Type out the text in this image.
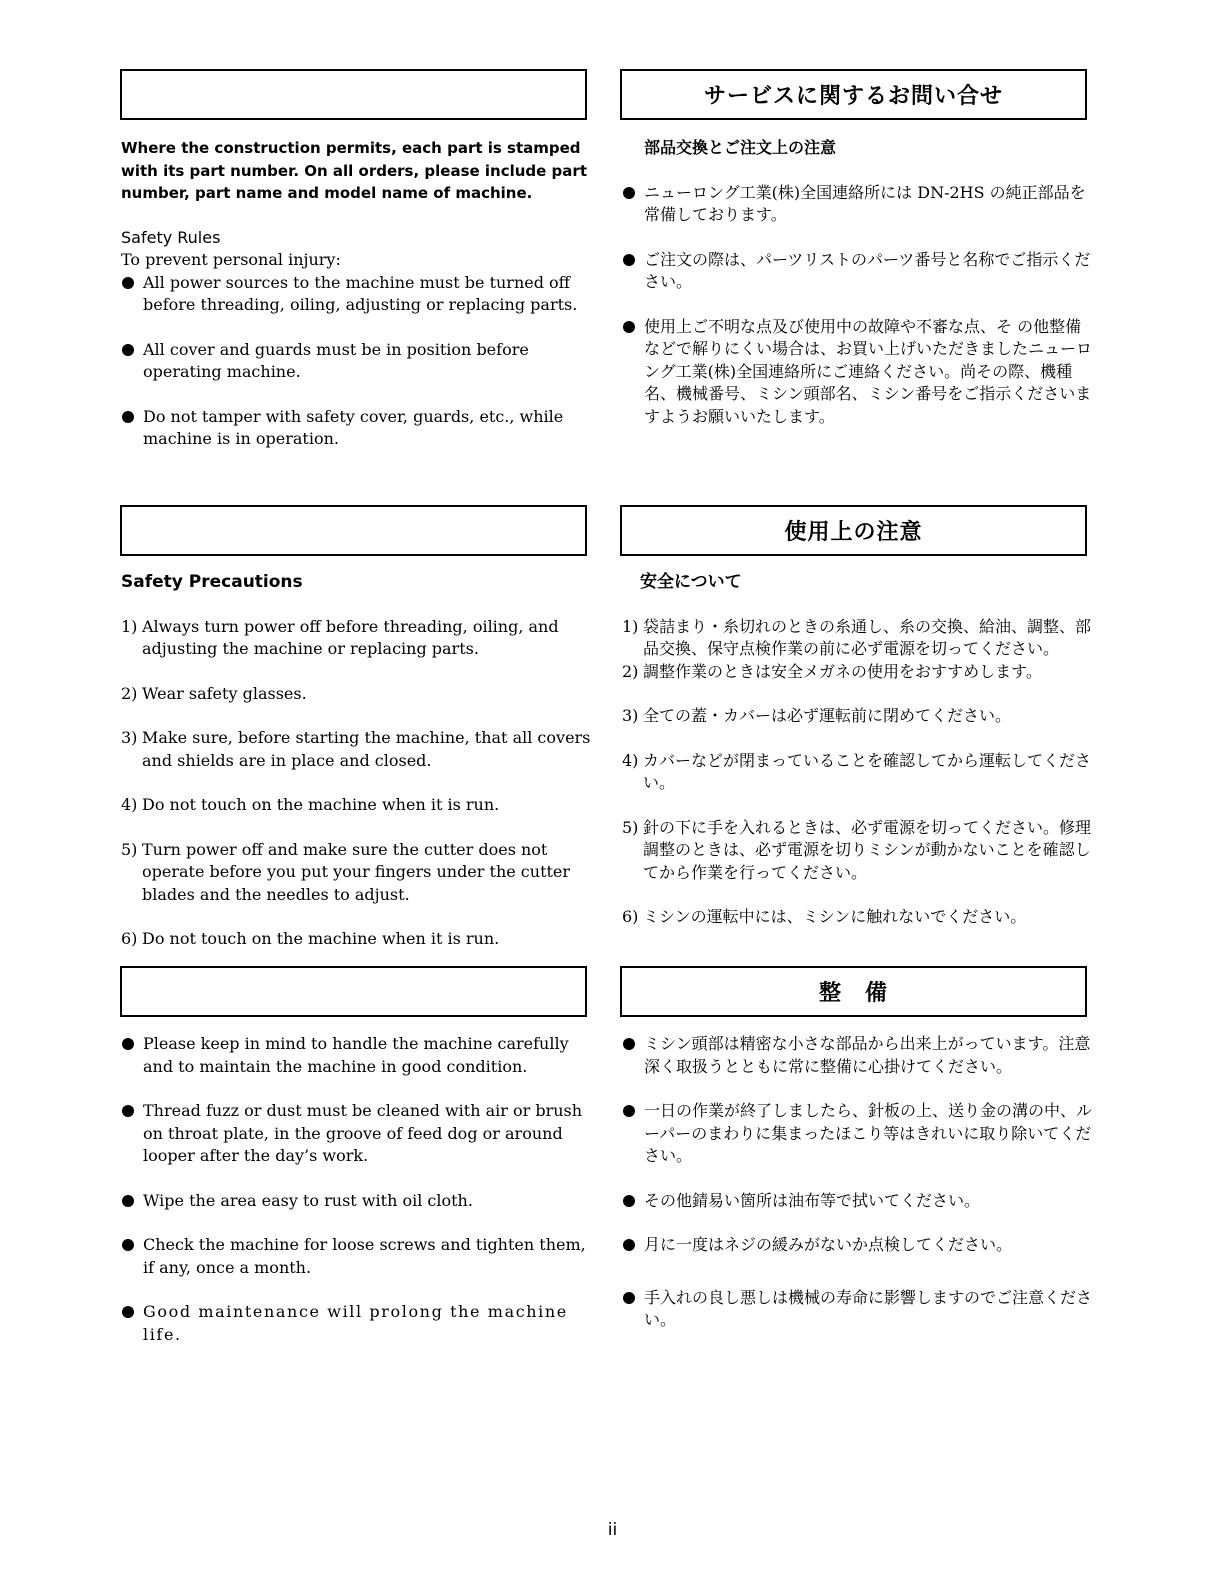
サービスに関するお問い合せ

Where the construction permits, each part is stamped with its part number. On all orders, please include part number, part name and model name of machine.

Safety Rules

To prevent personal injury:

All power sources to the machine must be turned off before threading, oiling, adjusting or replacing parts.
All cover and guards must be in position before operating machine.
Do not tamper with safety cover, guards, etc., while machine is in operation.

部品交換とご注文上の注意

ニューロング工業(株)全国連絡所には DN-2HS の純正部品を常備しております。
ご注文の際は、パーツリストのパーツ番号と名称でご指示ください。
使用上ご不明な点及び使用中の故障や不審な点、そ の他整備などで解りにくい場合は、お買い上げいただきましたニューロング工業(株)全国連絡所にご連絡ください。尚その際、機種名、機械番号、ミシン頭部名、ミシン番号をご指示くださいますようお願いいたします。
使用上の注意

Safety Precautions

1) Always turn power off before threading, oiling, and adjusting the machine or replacing parts.
2) Wear safety glasses.
3) Make sure, before starting the machine, that all covers and shields are in place and closed.
4) Do not touch on the machine when it is run.
5) Turn power off and make sure the cutter does not operate before you put your fingers under the cutter blades and the needles to adjust.
6) Do not touch on the machine when it is run.

安全について

1) 袋詰まり・糸切れのときの糸通し、糸の交換、給油、調整、部品交換、保守点検作業の前に必ず電源を切ってください。
2) 調整作業のときは安全メガネの使用をおすすめします。
3) 全ての蓋・カバーは必ず運転前に閉めてください。
4) カバーなどが閉まっていることを確認してから運転してください。
5) 針の下に手を入れるときは、必ず電源を切ってください。修理調整のときは、必ず電源を切りミシンが動かないことを確認してから作業を行ってください。
6) ミシンの運転中には、ミシンに触れないでください。
整　備
Please keep in mind to handle the machine carefully and to maintain the machine in good condition.
Thread fuzz or dust must be cleaned with air or brush on throat plate, in the groove of feed dog or around looper after the day’s work.
Wipe the area easy to rust with oil cloth.
Check the machine for loose screws and tighten them, if any, once a month.
Good maintenance will prolong the machine life.
ミシン頭部は精密な小さな部品から出来上がっています。注意深く取扱うとともに常に整備に心掛けてください。
一日の作業が終了しましたら、針板の上、送り金の溝の中、ルーパーのまわりに集まったほこり等はきれいに取り除いてください。
その他錆易い箇所は油布等で拭いてください。
月に一度はネジの緩みがないか点検してください。
手入れの良し悪しは機械の寿命に影響しますのでご注意ください。
ii
